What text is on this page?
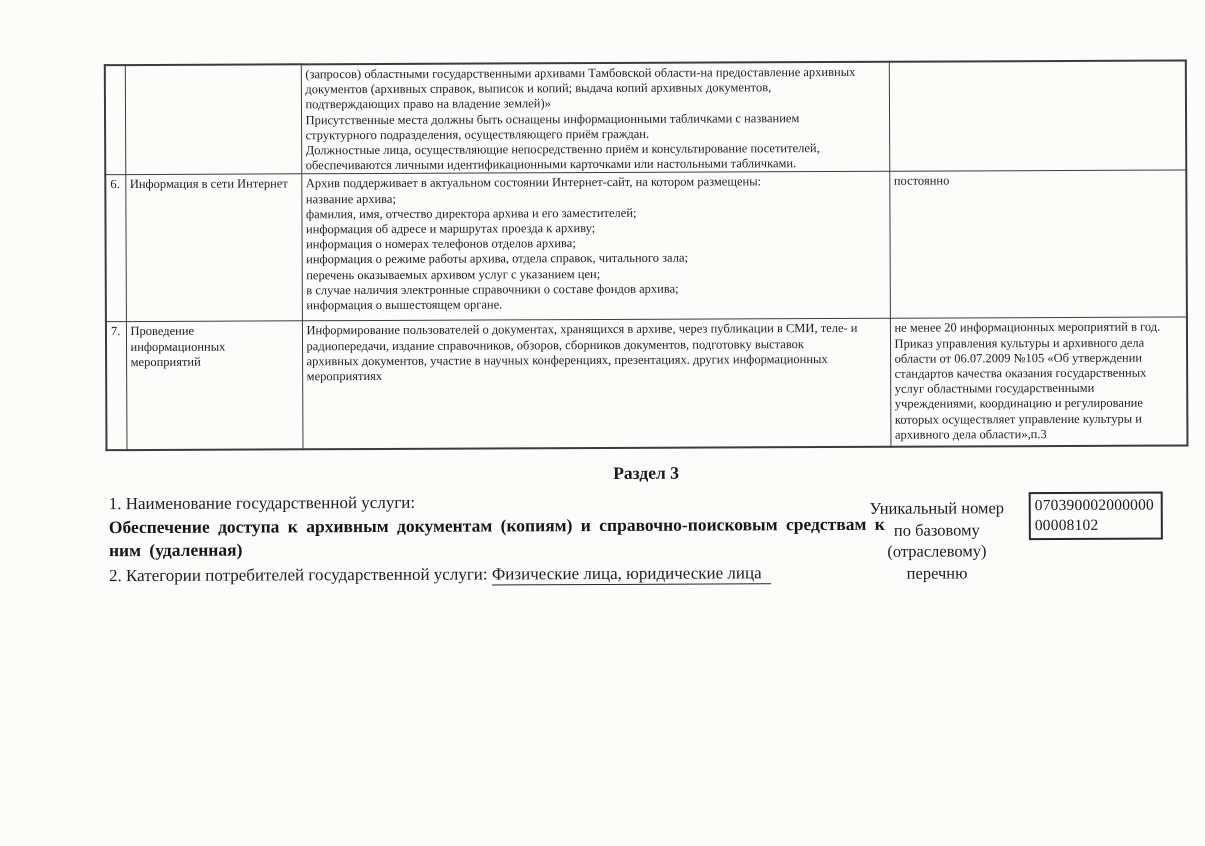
		(запросов) областными государственными архивами Тамбовской области-на предоставление архивных
документов (архивных справок, выписок и копий; выдача копий архивных документов,
подтверждающих право на владение землей)»
Присутственные места должны быть оснащены информационными табличками с названием
структурного подразделения, осуществляющего приём граждан.
Должностные лица, осуществляющие непосредственно приём и консультирование посетителей,
обеспечиваются личными идентификационными карточками или настольными табличками.	
6.	Информация в сети Интернет	Архив поддерживает в актуальном состоянии Интернет-сайт, на котором размещены:
название архива;
фамилия, имя, отчество директора архива и его заместителей;
информация об адресе и маршрутах проезда к архиву;
информация о номерах телефонов отделов архива;
информация о режиме работы архива, отдела справок, читального зала;
перечень оказываемых архивом услуг с указанием цен;
в случае наличия электронные справочники о составе фондов архива;
информация о вышестоящем органе.	постоянно
7.	Проведение
информационных
мероприятий	Информирование пользователей о документах, хранящихся в архиве, через публикации в СМИ, теле- и
радиопередачи, издание справочников, обзоров, сборников документов, подготовку выставок
архивных документов, участие в научных конференциях, презентациях. других информационных
мероприятиях	не менее 20 информационных мероприятий в год.
Приказ управления культуры и архивного дела
области от 06.07.2009 №105 «Об утверждении
стандартов качества оказания государственных
услуг областными государственными
учреждениями, координацию и регулирование
которых осуществляет управление культуры и
архивного дела области»,п.3
Раздел 3
1. Наименование государственной услуги:
Обеспечение доступа к архивным документам (копиям) и справочно-поисковым средствам к
ним (удаленная)
2. Категории потребителей государственной услуги: Физические лица, юридические лица
Уникальный номер по базовому (отраслевому) перечню
070390002000000
00008102
